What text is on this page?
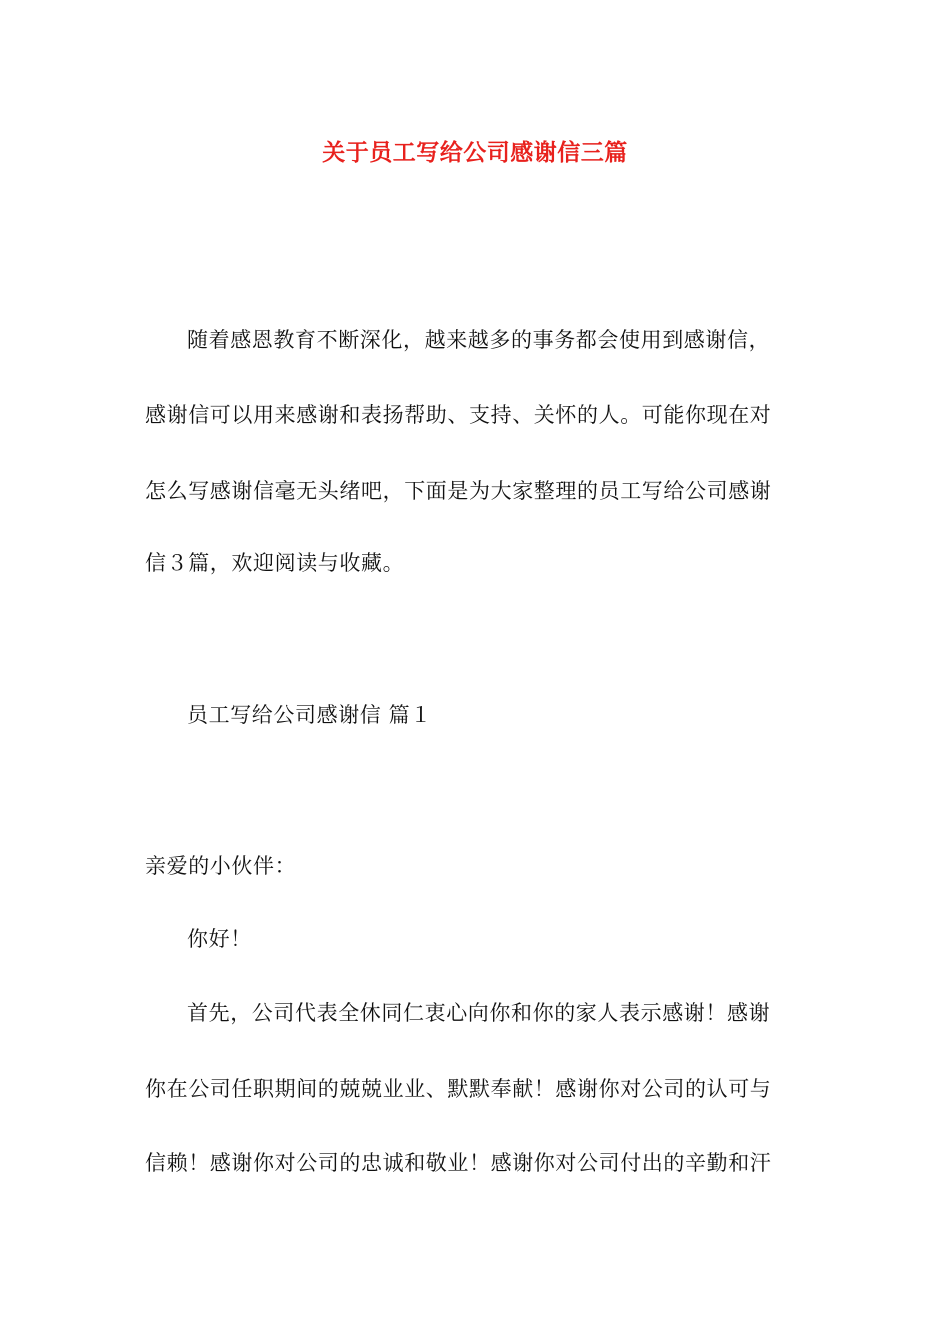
关于员工写给公司感谢信三篇
随着感恩教育不断深化，越来越多的事务都会使用到感谢信，
感谢信可以用来感谢和表扬帮助、支持、关怀的人。可能你现在对
怎么写感谢信毫无头绪吧，下面是为大家整理的员工写给公司感谢
信３篇，欢迎阅读与收藏。
员工写给公司感谢信 篇１
亲爱的小伙伴：
你好！
首先，公司代表全休同仁衷心向你和你的家人表示感谢！感谢
你在公司任职期间的兢兢业业、默默奉献！感谢你对公司的认可与
信赖！感谢你对公司的忠诚和敬业！感谢你对公司付出的辛勤和汗
